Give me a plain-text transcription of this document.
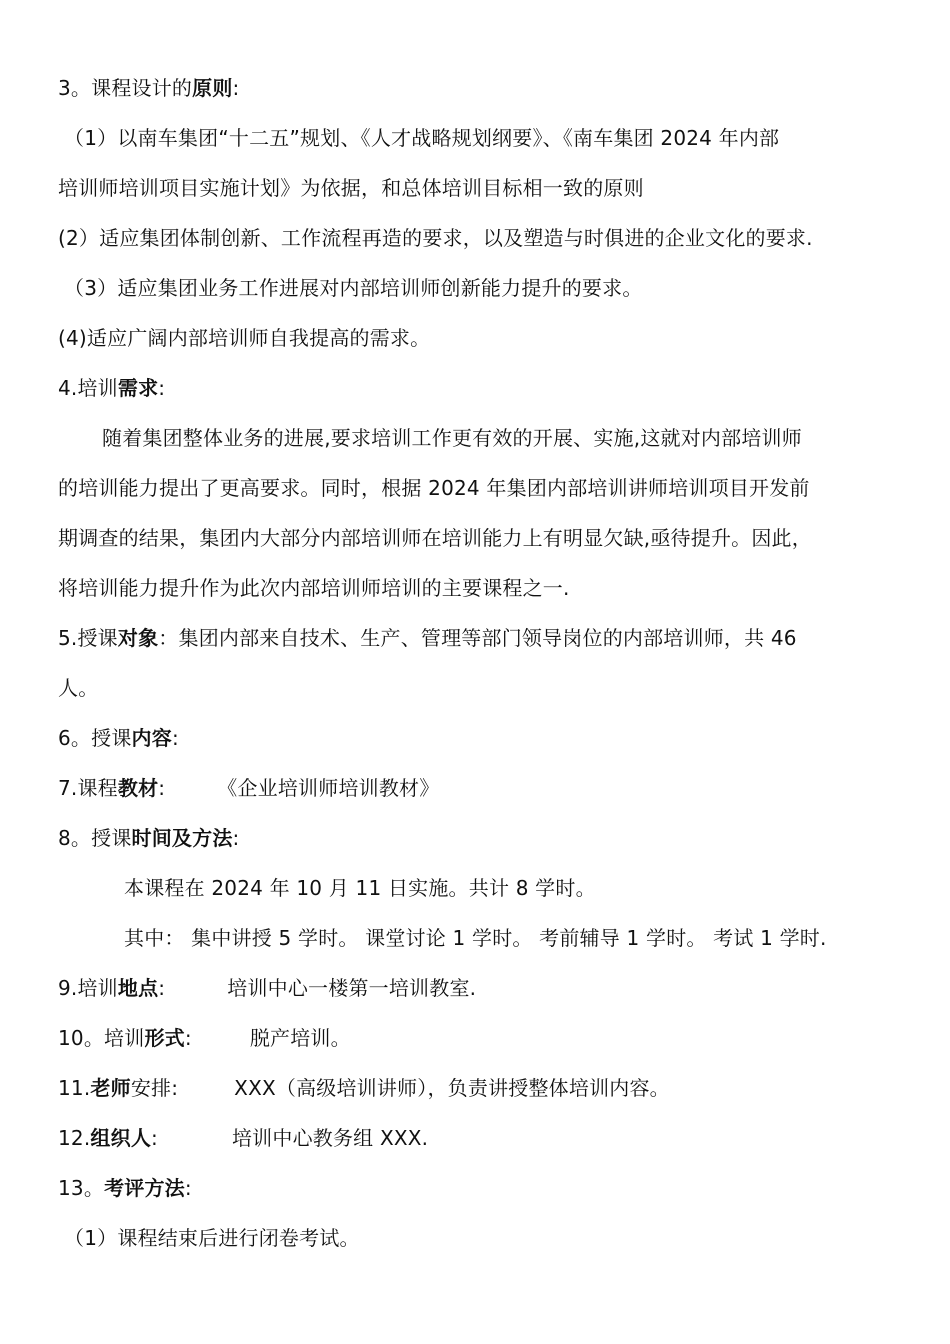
3。课程设计的原则:
（1）以南车集团“十二五”规划、《人才战略规划纲要》、《南车集团 2024 年内部
培训师培训项目实施计划》为依据，和总体培训目标相一致的原则
(2）适应集团体制创新、工作流程再造的要求，以及塑造与时俱进的企业文化的要求.
（3）适应集团业务工作进展对内部培训师创新能力提升的要求。
(4)适应广阔内部培训师自我提高的需求。
4.培训需求:
随着集团整体业务的进展,要求培训工作更有效的开展、实施,这就对内部培训师
的培训能力提出了更高要求。同时，根据 2024 年集团内部培训讲师培训项目开发前
期调查的结果，集团内大部分内部培训师在培训能力上有明显欠缺,亟待提升。因此，
将培训能力提升作为此次内部培训师培训的主要课程之一.
5.授课对象：集团内部来自技术、生产、管理等部门领导岗位的内部培训师，共 46
人。
6。授课内容:
7.课程教材:	《企业培训师培训教材》
8。授课时间及方法:
本课程在 2024 年 10 月 11 日实施。共计 8 学时。
其中： 集中讲授 5 学时。 课堂讨论 1 学时。 考前辅导 1 学时。 考试 1 学时.
9.培训地点:	培训中心一楼第一培训教室.
10。培训形式:	脱产培训。
11.老师安排:	XXX（高级培训讲师），负责讲授整体培训内容。
12.组织人:	培训中心教务组 XXX.
13。考评方法:
（1）课程结束后进行闭卷考试。
